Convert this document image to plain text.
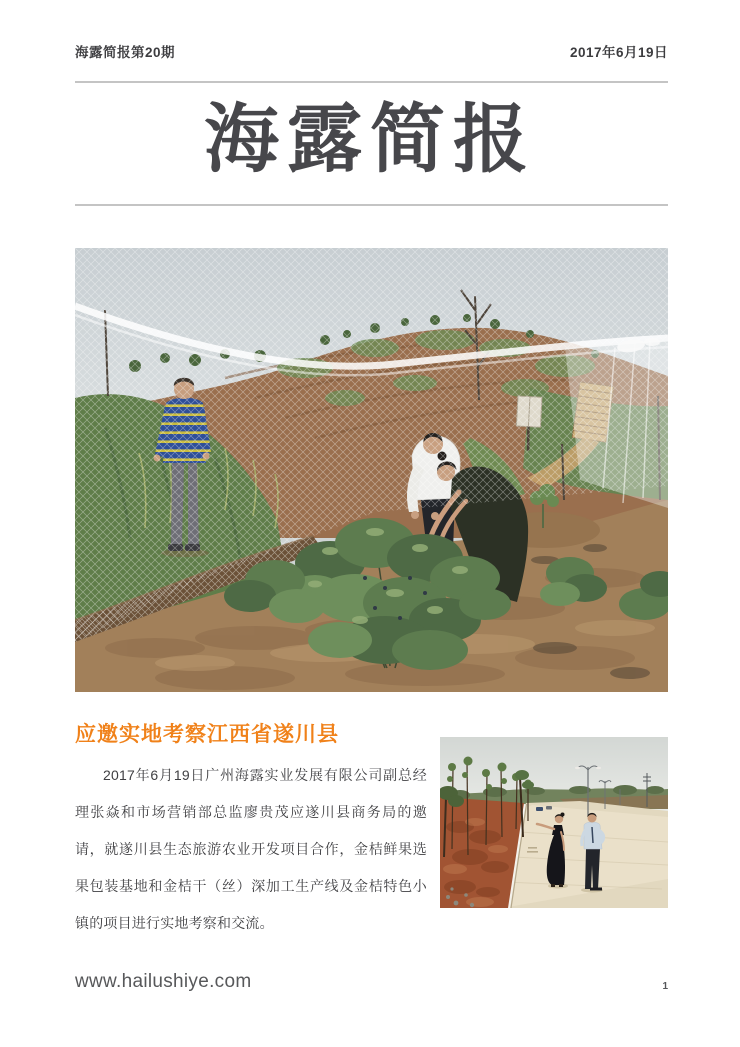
海露简报第20期	2017年6月19日
海露简报
应邀实地考察江西省遂川县
2017年6月19日广州海露实业发展有限公司副总经理张焱和市场营销部总监廖贵茂应遂川县商务局的邀请，就遂川县生态旅游农业开发项目合作，金桔鲜果选果包装基地和金桔干（丝）深加工生产线及金桔特色小镇的项目进行实地考察和交流。
www.hailushiye.com	1
